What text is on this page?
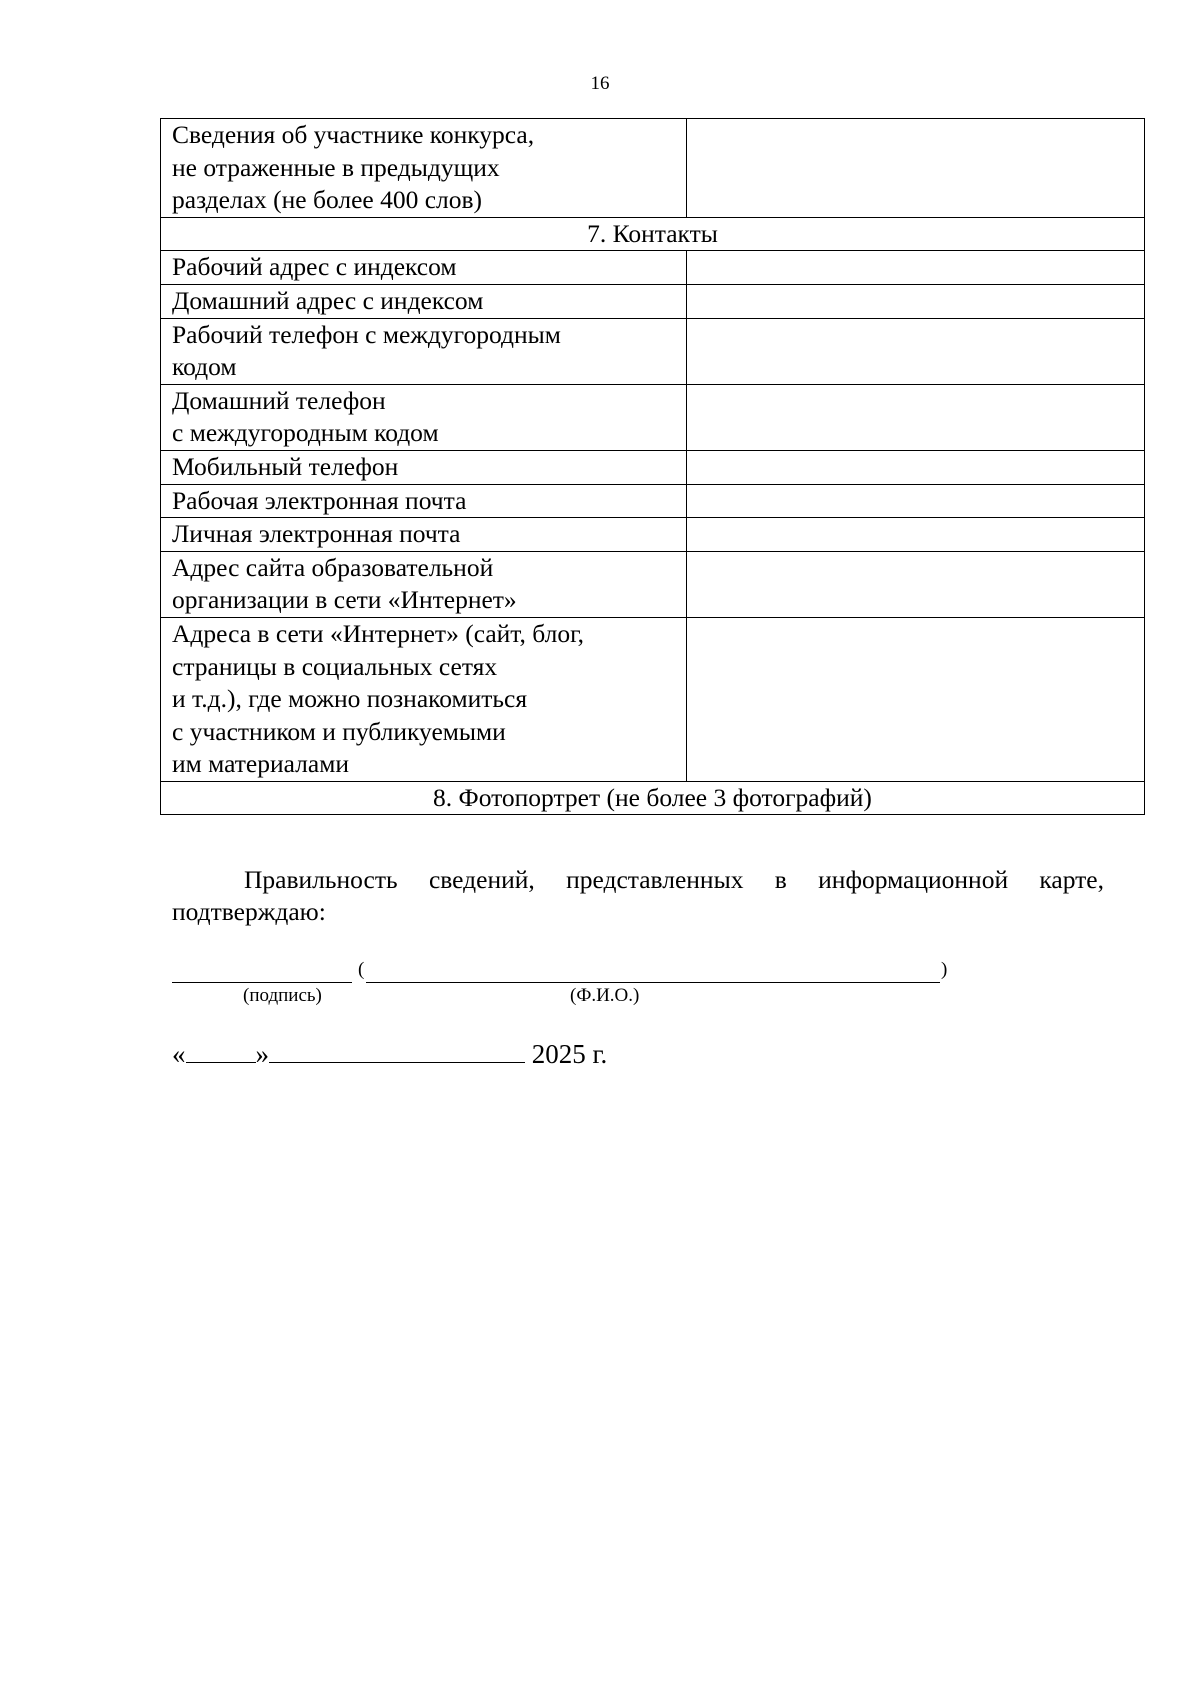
16
Сведения об участнике конкурса,
не отраженные в предыдущих
разделах (не более 400 слов)	

7. Контакты	

Рабочий адрес с индексом	

Домашний адрес с индексом	

Рабочий телефон с междугородным
кодом	

Домашний телефон
с междугородным кодом	

Мобильный телефон	

Рабочая электронная почта	

Личная электронная почта	

Адрес сайта образовательной
организации в сети «Интернет»	

Адреса в сети «Интернет» (сайт, блог,
страницы в социальных сетях
и т.д.), где можно познакомиться
с участником и публикуемыми
им материалами	

8. Фотопортрет (не более 3 фотографий)	
Правильность сведений, представленных в информационной карте,
подтверждаю:
(	)
(подпись)	(Ф.И.О.)
«	»	2025 г.
